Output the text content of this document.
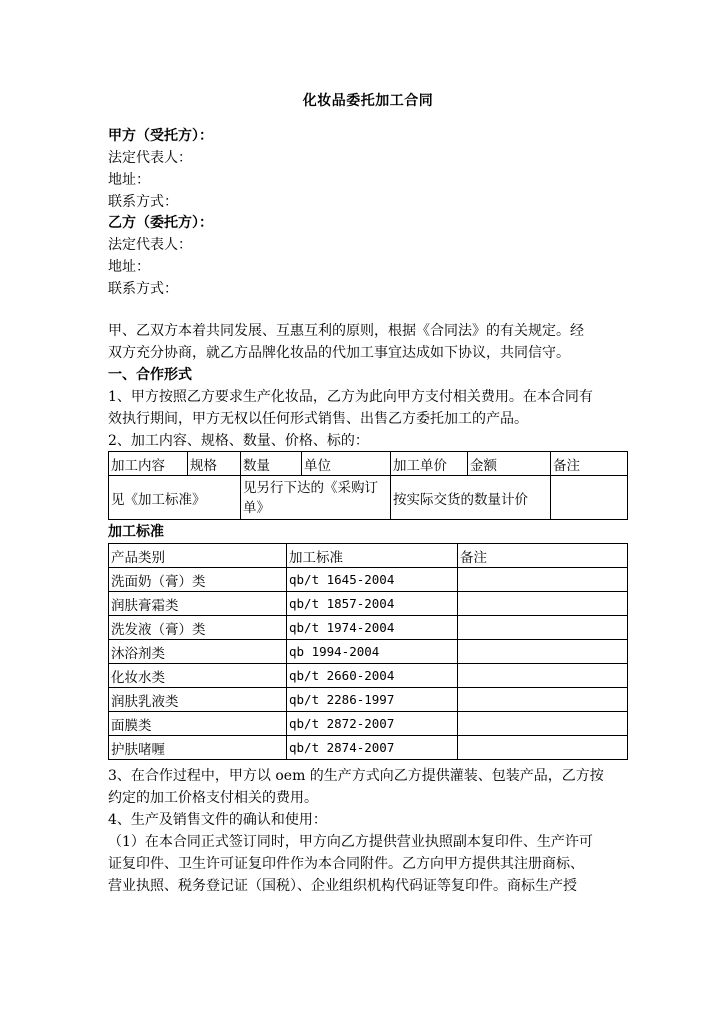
化妆品委托加工合同
甲方（受托方）：
法定代表人：
地址：
联系方式：
乙方（委托方）：
法定代表人：
地址：
联系方式：
甲、乙双方本着共同发展、互惠互利的原则，根据《合同法》的有关规定。经
双方充分协商，就乙方品牌化妆品的代加工事宜达成如下协议，共同信守。
一、合作形式
1、甲方按照乙方要求生产化妆品，乙方为此向甲方支付相关费用。在本合同有
效执行期间，甲方无权以任何形式销售、出售乙方委托加工的产品。
2、加工内容、规格、数量、价格、标的：
加工内容	规格	数量	单位	加工单价	金额	备注
见《加工标准》		见另行下达的《采购订单》		按实际交货的数量计价		
加工标准
产品类别	加工标准	备注
洗面奶（膏）类	qb/t 1645-2004	
润肤膏霜类	qb/t 1857-2004	
洗发液（膏）类	qb/t 1974-2004	
沐浴剂类	qb 1994-2004	
化妆水类	qb/t 2660-2004	
润肤乳液类	qb/t 2286-1997	
面膜类	qb/t 2872-2007	
护肤啫喱	qb/t 2874-2007	
3、在合作过程中，甲方以 oem 的生产方式向乙方提供灌装、包装产品，乙方按
约定的加工价格支付相关的费用。
4、生产及销售文件的确认和使用：
（1）在本合同正式签订同时，甲方向乙方提供营业执照副本复印件、生产许可
证复印件、卫生许可证复印件作为本合同附件。乙方向甲方提供其注册商标、
营业执照、税务登记证（国税）、企业组织机构代码证等复印件。商标生产授
